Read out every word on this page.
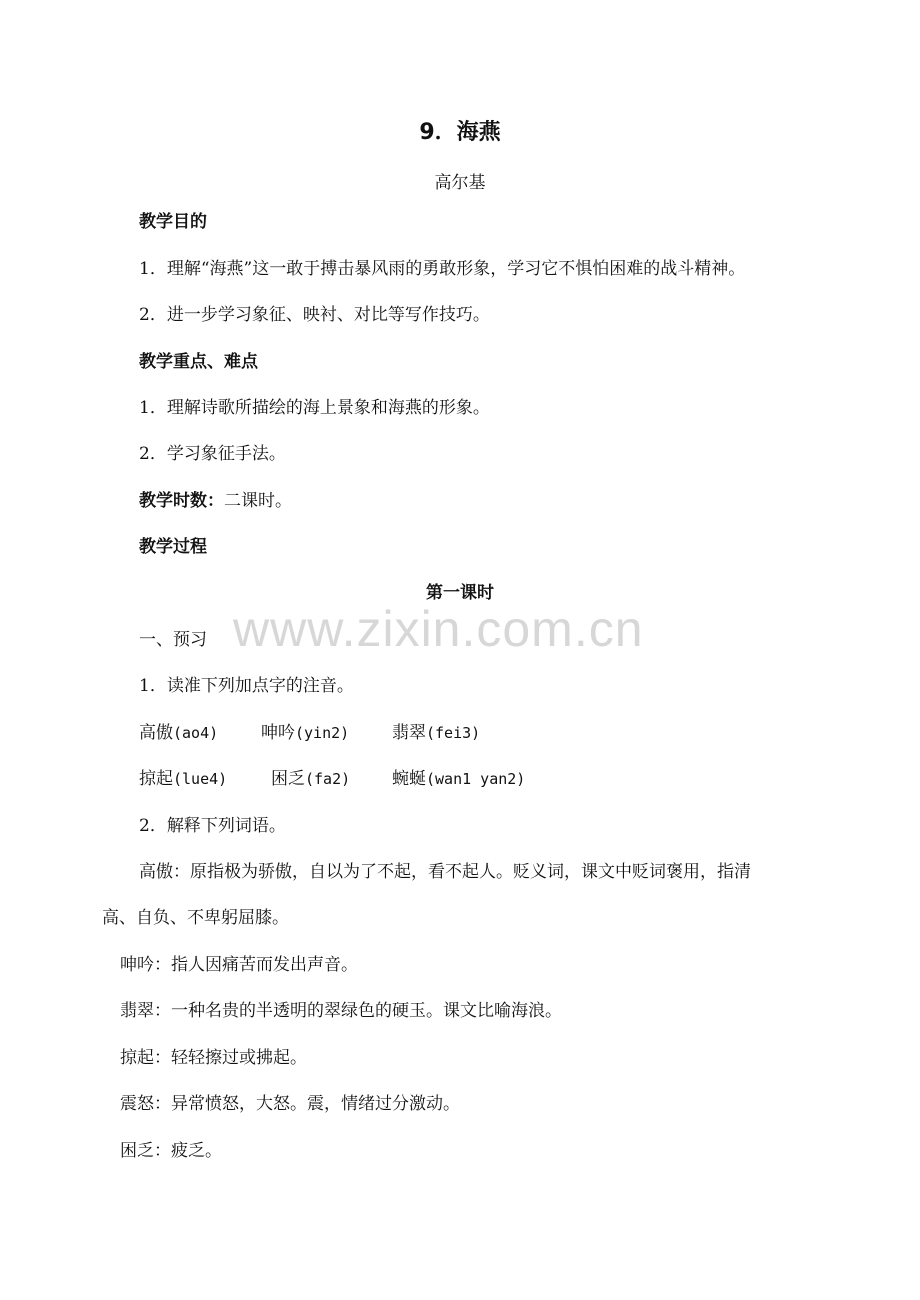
www.zixin.com.cn
9．海燕
高尔基
教学目的
1．理解“海燕”这一敢于搏击暴风雨的勇敢形象，学习它不惧怕困难的战斗精神。
2．进一步学习象征、映衬、对比等写作技巧。
教学重点、难点
1．理解诗歌所描绘的海上景象和海燕的形象。
2．学习象征手法。
教学时数：二课时。
教学过程
第一课时
一、预习
1．读准下列加点字的注音。
高傲(ao4)	呻吟(yin2)	翡翠(fei3)
掠起(lue4)	困乏(fa2) 蜿蜒(wan1 yan2)
2．解释下列词语。
高傲：原指极为骄傲，自以为了不起，看不起人。贬义词，课文中贬词褒用，指清
高、自负、不卑躬屈膝。
呻吟：指人因痛苦而发出声音。
翡翠：一种名贵的半透明的翠绿色的硬玉。课文比喻海浪。
掠起：轻轻擦过或拂起。
震怒：异常愤怒，大怒。震，情绪过分激动。
困乏：疲乏。
